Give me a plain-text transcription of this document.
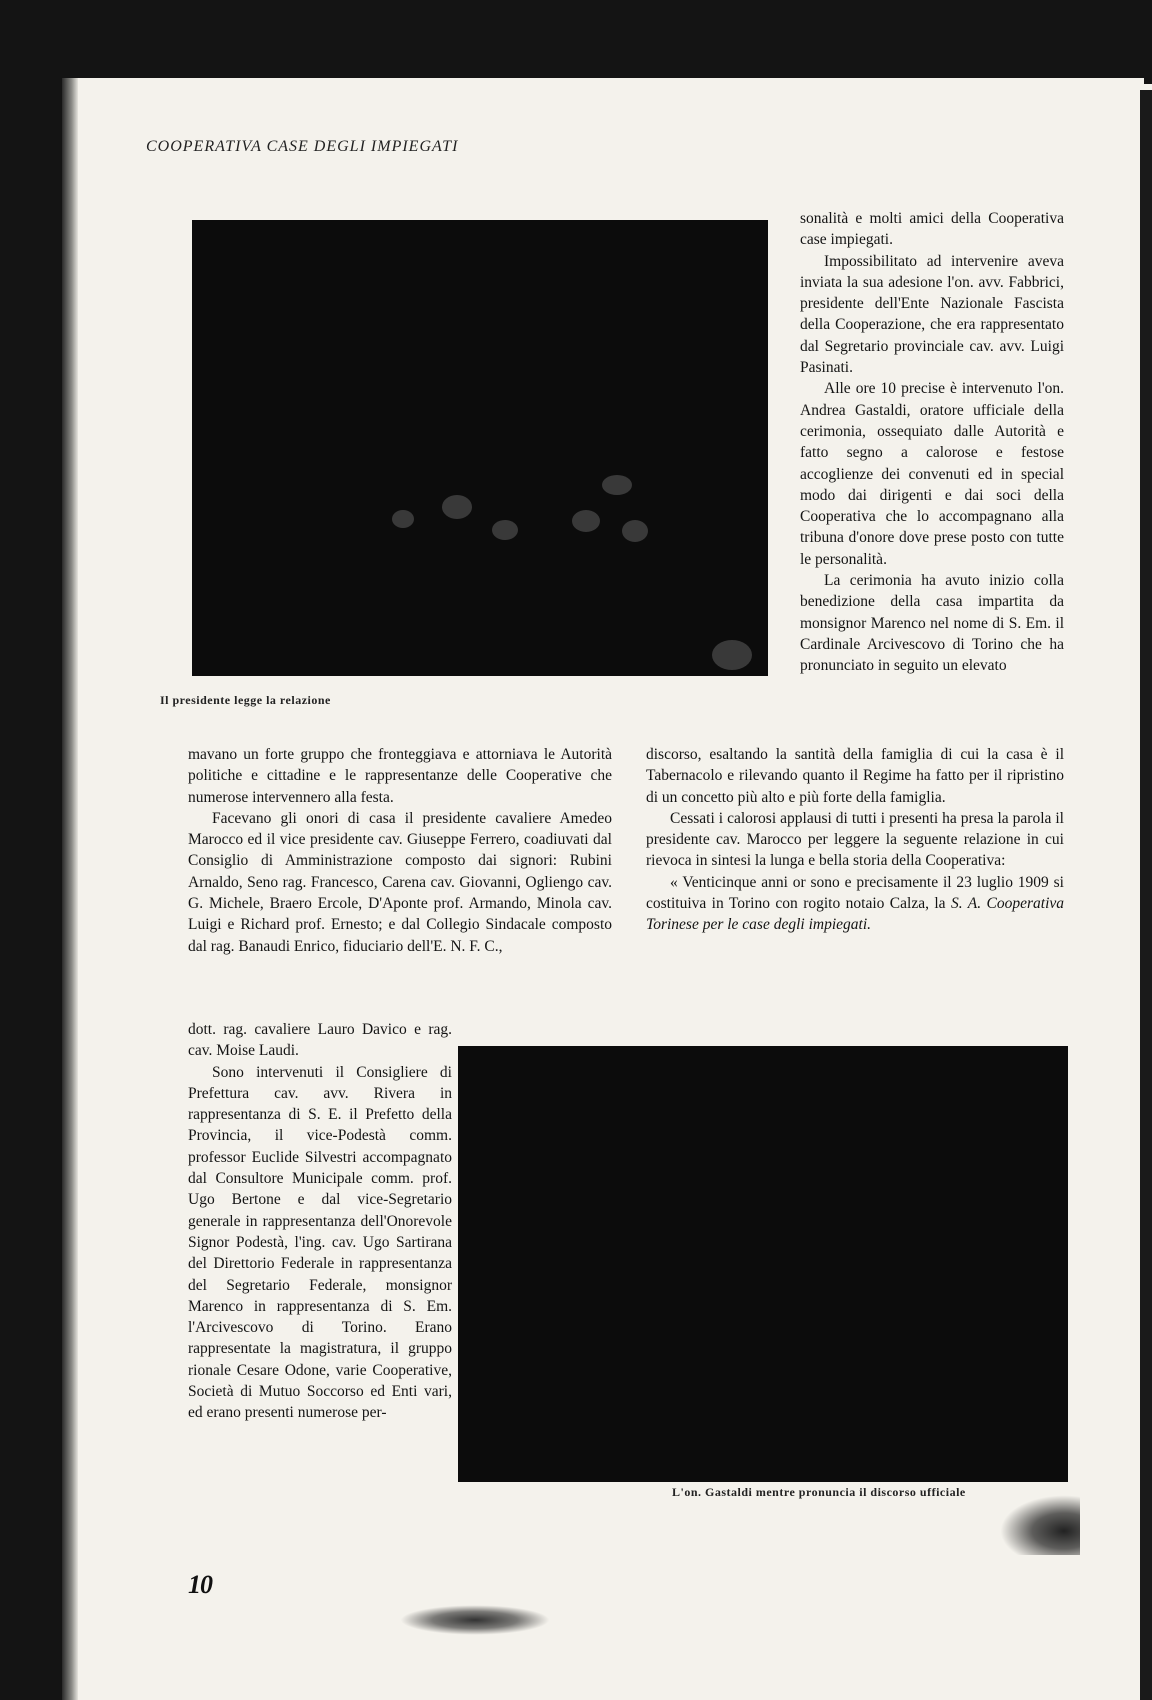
COOPERATIVA CASE DEGLI IMPIEGATI
Il presidente legge la relazione

sonalità e molti amici della Cooperativa case impiegati.

Impossibilitato ad intervenire aveva inviata la sua adesione l'on. avv. Fabbrici, presidente dell'Ente Nazionale Fascista della Cooperazione, che era rappresentato dal Segretario provinciale cav. avv. Luigi Pasinati.

Alle ore 10 precise è intervenuto l'on. Andrea Gastaldi, oratore ufficiale della cerimonia, ossequiato dalle Autorità e fatto segno a calorose e festose accoglienze dei convenuti ed in special modo dai dirigenti e dai soci della Cooperativa che lo accompagnano alla tribuna d'onore dove prese posto con tutte le personalità.

La cerimonia ha avuto inizio colla benedizione della casa impartita da monsignor Marenco nel nome di S. Em. il Cardinale Arcivescovo di Torino che ha pronunciato in seguito un elevato

discorso, esaltando la santità della famiglia di cui la casa è il Tabernacolo e rilevando quanto il Regime ha fatto per il ripristino di un concetto più alto e più forte della famiglia.

Cessati i calorosi applausi di tutti i presenti ha presa la parola il presidente cav. Marocco per leggere la seguente relazione in cui rievoca in sintesi la lunga e bella storia della Cooperativa:

« Venticinque anni or sono e precisamente il 23 luglio 1909 si costituiva in Torino con rogito notaio Calza, la S. A. Cooperativa Torinese per le case degli impiegati.

mavano un forte gruppo che fronteggiava e attorniava le Autorità politiche e cittadine e le rappresentanze delle Cooperative che numerose intervennero alla festa.

Facevano gli onori di casa il presidente cavaliere Amedeo Marocco ed il vice presidente cav. Giuseppe Ferrero, coadiuvati dal Consiglio di Amministrazione composto dai signori: Rubini Arnaldo, Seno rag. Francesco, Carena cav. Giovanni, Ogliengo cav. G. Michele, Braero Ercole, D'Aponte prof. Armando, Minola cav. Luigi e Richard prof. Ernesto; e dal Collegio Sindacale composto dal rag. Banaudi Enrico, fiduciario dell'E. N. F. C.,

dott. rag. cavaliere Lauro Davico e rag. cav. Moise Laudi.

Sono intervenuti il Consigliere di Prefettura cav. avv. Rivera in rappresentanza di S. E. il Prefetto della Provincia, il vice-Podestà comm. professor Euclide Silvestri accompagnato dal Consultore Municipale comm. prof. Ugo Bertone e dal vice-Segretario generale in rappresentanza dell'Onorevole Signor Podestà, l'ing. cav. Ugo Sartirana del Direttorio Federale in rappresentanza del Segretario Federale, monsignor Marenco in rappresentanza di S. Em. l'Arcivescovo di Torino. Erano rappresentate la magistratura, il gruppo rionale Cesare Odone, varie Cooperative, Società di Mutuo Soccorso ed Enti vari, ed erano presenti numerose per-

L'on. Gastaldi mentre pronuncia il discorso ufficiale
10
